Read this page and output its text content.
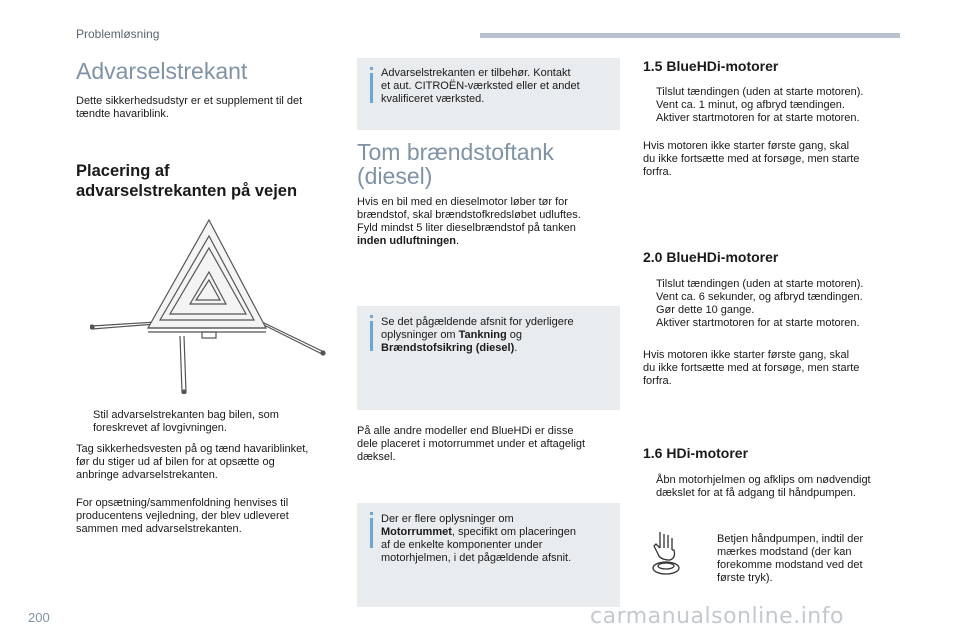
Problemløsning
Advarselstrekant
Dette sikkerhedsudstyr er et supplement til det
tændte havariblink.
Placering af
advarselstrekanten på vejen
Stil advarselstrekanten bag bilen, som
foreskrevet af lovgivningen.
Tag sikkerhedsvesten på og tænd havariblinket,
før du stiger ud af bilen for at opsætte og
anbringe advarselstrekanten.
For opsætning/sammenfoldning henvises til
producentens vejledning, der blev udleveret
sammen med advarselstrekanten.
Advarselstrekanten er tilbehør. Kontakt
et aut. CITROËN-værksted eller et andet
kvalificeret værksted.
Tom brændstoftank
(diesel)
Hvis en bil med en dieselmotor løber tør for
brændstof, skal brændstofkredsløbet udluftes.
Fyld mindst 5 liter dieselbrændstof på tanken
inden udluftningen.
Se det pågældende afsnit for yderligere
oplysninger om Tankning og
Brændstofsikring (diesel).
På alle andre modeller end BlueHDi er disse
dele placeret i motorrummet under et aftageligt
dæksel.
Der er flere oplysninger om
Motorrummet, specifikt om placeringen
af de enkelte komponenter under
motorhjelmen, i det pågældende afsnit.
1.5 BlueHDi-motorer
Tilslut tændingen (uden at starte motoren).
Vent ca. 1 minut, og afbryd tændingen.
Aktiver startmotoren for at starte motoren.
Hvis motoren ikke starter første gang, skal
du ikke fortsætte med at forsøge, men starte
forfra.
2.0 BlueHDi-motorer
Tilslut tændingen (uden at starte motoren).
Vent ca. 6 sekunder, og afbryd tændingen.
Gør dette 10 gange.
Aktiver startmotoren for at starte motoren.
Hvis motoren ikke starter første gang, skal
du ikke fortsætte med at forsøge, men starte
forfra.
1.6 HDi-motorer
Åbn motorhjelmen og afklips om nødvendigt
dækslet for at få adgang til håndpumpen.
Betjen håndpumpen, indtil der
mærkes modstand (der kan
forekomme modstand ved det
første tryk).
200	carmanualsonline.info
